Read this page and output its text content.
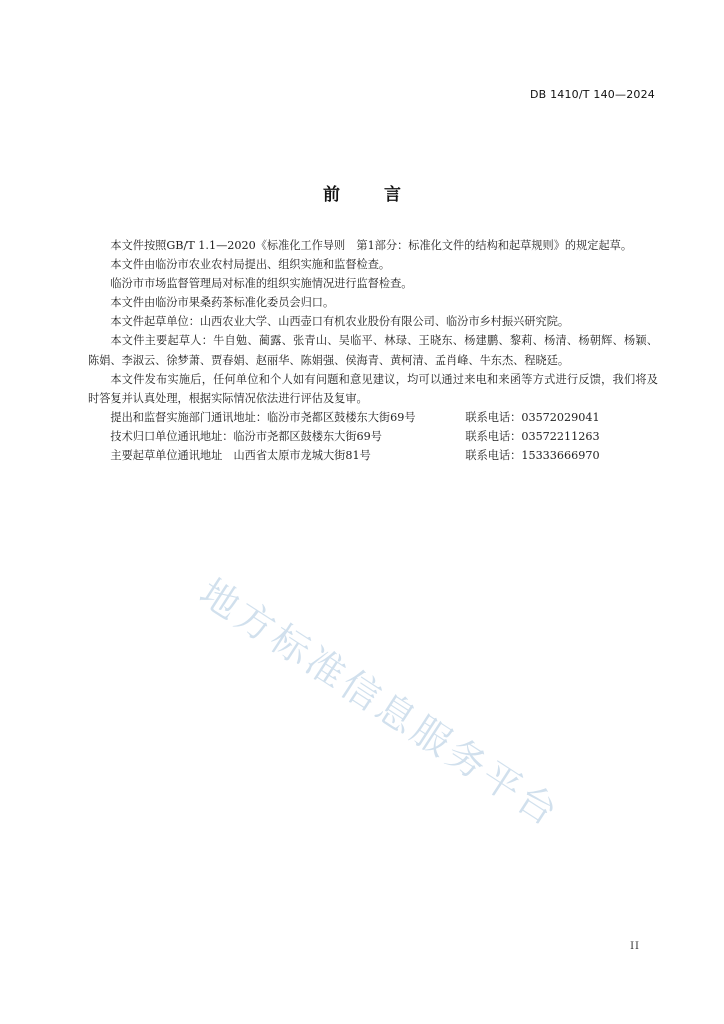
DB 1410/T 140—2024
前	言

本文件按照GB/T 1.1—2020《标准化工作导则　第1部分：标准化文件的结构和起草规则》的规定起草。

本文件由临汾市农业农村局提出、组织实施和监督检查。

临汾市市场监督管理局对标准的组织实施情况进行监督检查。

本文件由临汾市果桑药茶标准化委员会归口。

本文件起草单位：山西农业大学、山西壶口有机农业股份有限公司、临汾市乡村振兴研究院。

本文件主要起草人：牛自勉、蔺露、张青山、吴临平、林琭、王晓东、杨建鹏、黎莉、杨清、杨朝辉、杨颖、陈娟、李淑云、徐梦萧、贾春娟、赵丽华、陈娟强、侯海青、黄柯清、孟肖峰、牛东杰、程晓廷。

本文件发布实施后，任何单位和个人如有问题和意见建议，均可以通过来电和来函等方式进行反馈，我们将及时答复并认真处理，根据实际情况依法进行评估及复审。

提出和监督实施部门通讯地址：临汾市尧都区鼓楼东大街69号	联系电话：03572029041
技术归口单位通讯地址：临汾市尧都区鼓楼东大街69号	联系电话：03572211263
主要起草单位通讯地址　山西省太原市龙城大街81号	联系电话：15333666970
地方标准信息服务平台
II
